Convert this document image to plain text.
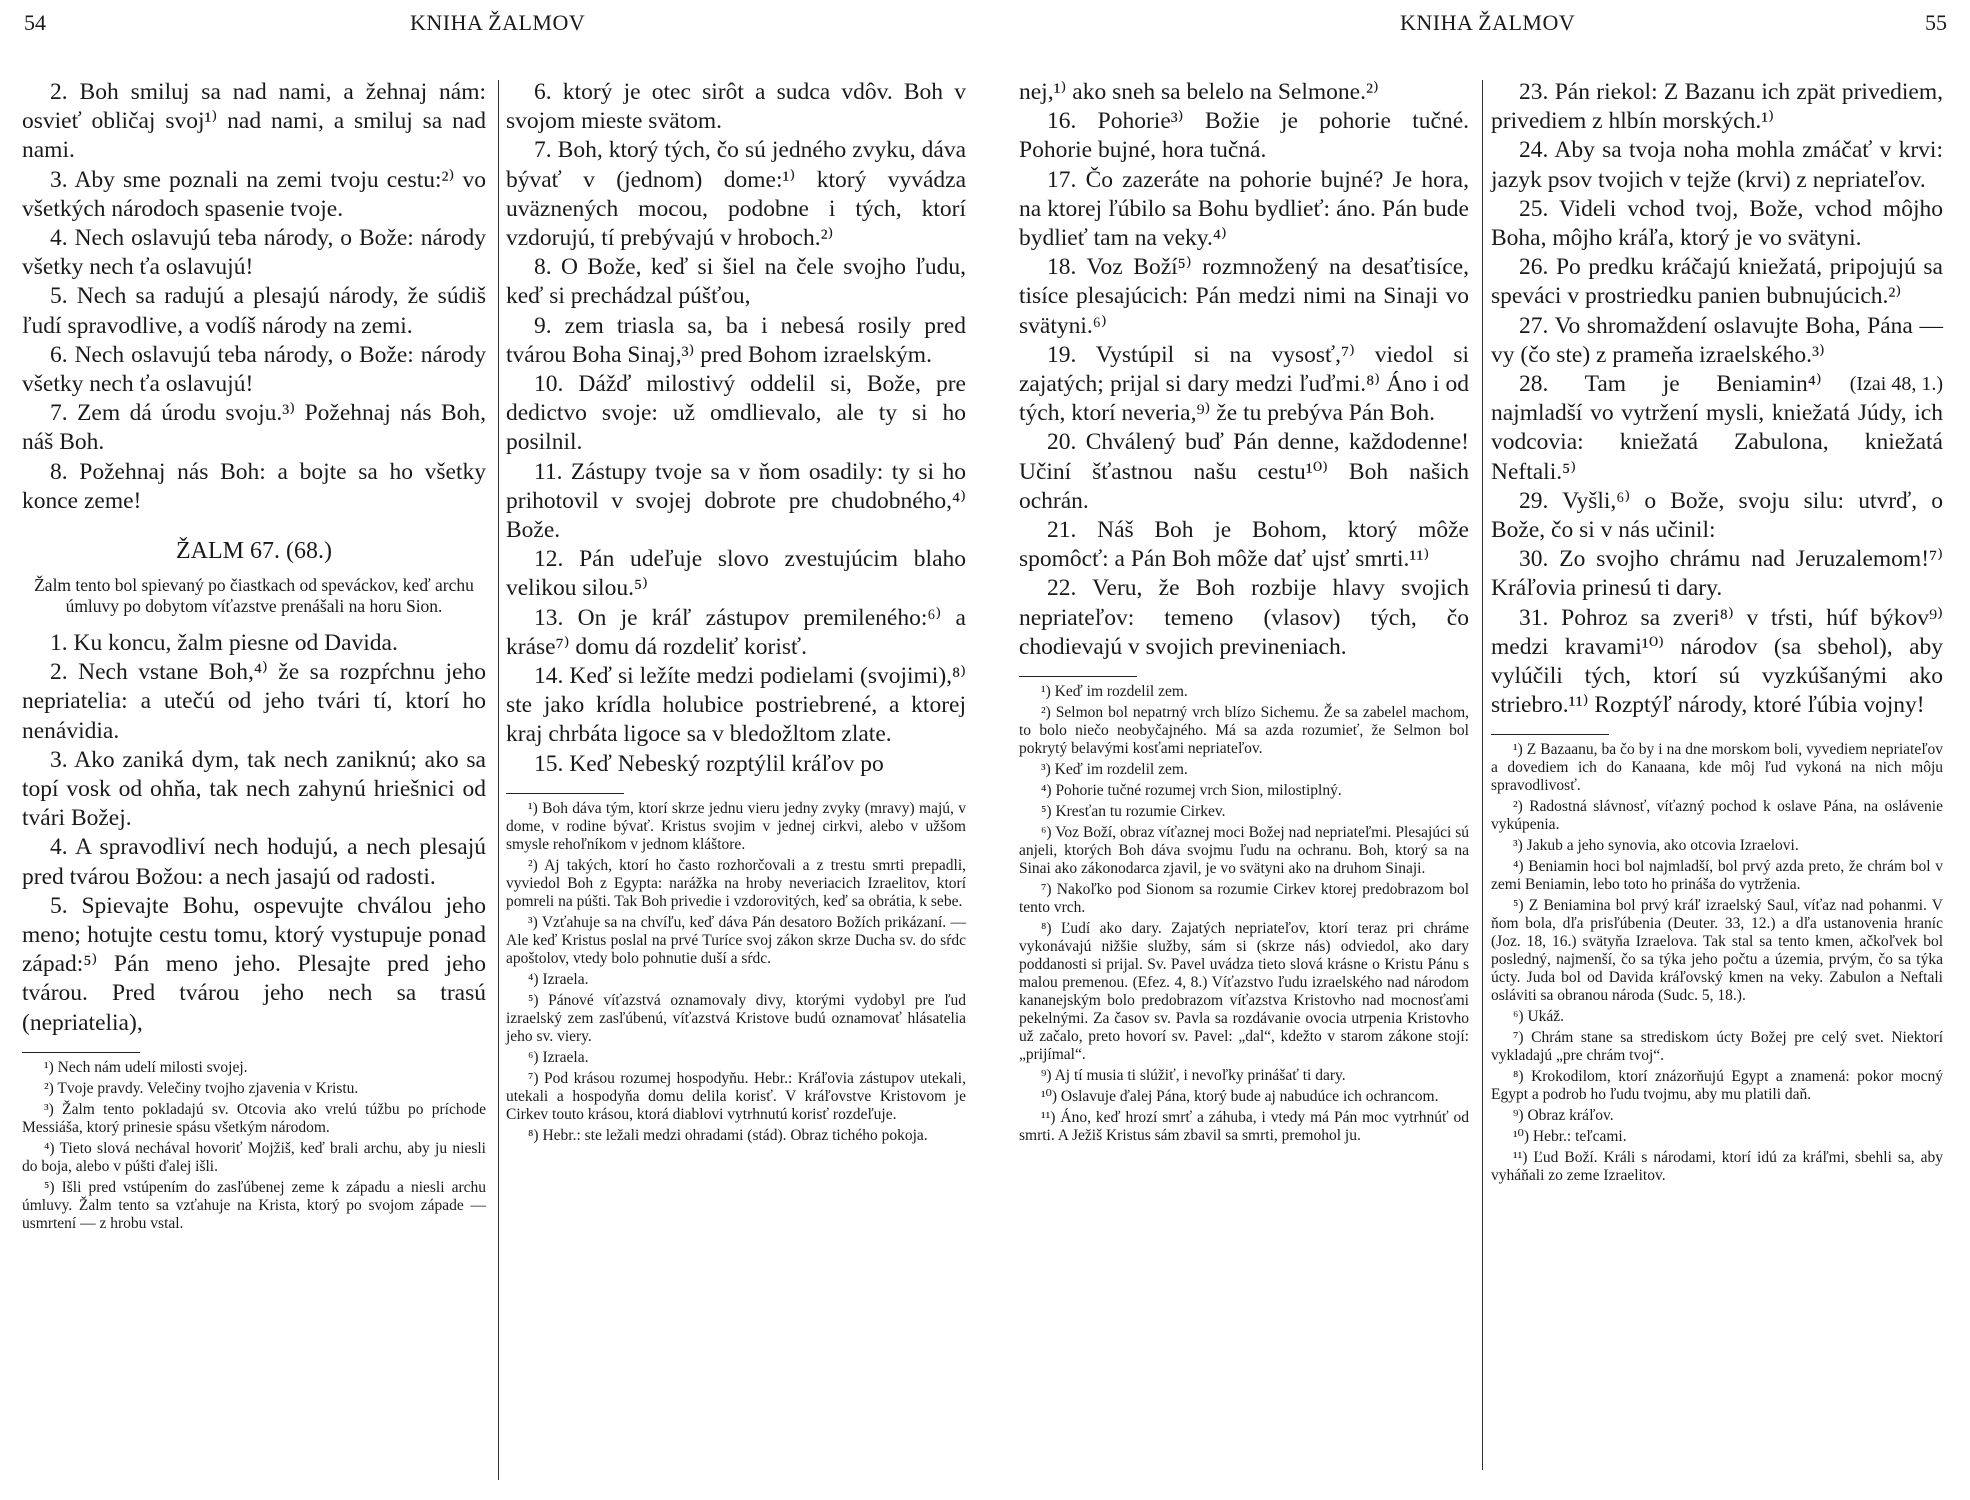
54	KNIHA ŽALMOV

2. Boh smiluj sa nad nami, a žehnaj nám: osvieť obličaj svoj¹⁾ nad nami, a smiluj sa nad nami.

3. Aby sme poznali na zemi tvoju cestu:²⁾ vo všetkých národoch spasenie tvoje.

4. Nech oslavujú teba národy, o Bože: národy všetky nech ťa oslavujú!

5. Nech sa radujú a plesajú národy, že súdiš ľudí spravodlive, a vodíš národy na zemi.

6. Nech oslavujú teba národy, o Bože: národy všetky nech ťa oslavujú!

7. Zem dá úrodu svoju.³⁾ Požehnaj nás Boh, náš Boh.

8. Požehnaj nás Boh: a bojte sa ho všetky konce zeme!

ŽALM 67. (68.)

Žalm tento bol spievaný po čiastkach od speváckov, keď archu úmluvy po dobytom víťazstve prenášali na horu Sion.

1. Ku koncu, žalm piesne od Davida.

2. Nech vstane Boh,⁴⁾ že sa rozpŕchnu jeho nepriatelia: a utečú od jeho tvári tí, ktorí ho nenávidia.

3. Ako zaniká dym, tak nech zaniknú; ako sa topí vosk od ohňa, tak nech zahynú hriešnici od tvári Božej.

4. A spravodliví nech hodujú, a nech plesajú pred tvárou Božou: a nech jasajú od radosti.

5. Spievajte Bohu, ospevujte chválou jeho meno; hotujte cestu tomu, ktorý vystupuje ponad západ:⁵⁾ Pán meno jeho. Plesajte pred jeho tvárou. Pred tvárou jeho nech sa trasú (nepriatelia),

¹) Nech nám udelí milosti svojej.

²) Tvoje pravdy. Velečiny tvojho zjavenia v Kristu.

³) Žalm tento pokladajú sv. Otcovia ako vrelú túžbu po príchode Messiáša, ktorý prinesie spásu všetkým národom.

⁴) Tieto slová nechával hovoriť Mojžiš, keď brali archu, aby ju niesli do boja, alebo v púšti ďalej išli.

⁵) Išli pred vstúpením do zasľúbenej zeme k západu a niesli archu úmluvy. Žalm tento sa vzťahuje na Krista, ktorý po svojom západe — usmrtení — z hrobu vstal.

6. ktorý je otec sirôt a sudca vdôv. Boh v svojom mieste svätom.

7. Boh, ktorý tých, čo sú jedného zvyku, dáva bývať v (jednom) dome:¹⁾ ktorý vyvádza uväznených mocou, podobne i tých, ktorí vzdorujú, tí prebývajú v hroboch.²⁾

8. O Bože, keď si šiel na čele svojho ľudu, keď si prechádzal púšťou,

9. zem triasla sa, ba i nebesá rosily pred tvárou Boha Sinaj,³⁾ pred Bohom izraelským.

10. Dážď milostivý oddelil si, Bože, pre dedictvo svoje: už omdlievalo, ale ty si ho posilnil.

11. Zástupy tvoje sa v ňom osadily: ty si ho prihotovil v svojej dobrote pre chudobného,⁴⁾ Bože.

12. Pán udeľuje slovo zvestujúcim blaho velikou silou.⁵⁾

13. On je kráľ zástupov premilenéhо:⁶⁾ a kráse⁷⁾ domu dá rozdeliť korisť.

14. Keď si ležíte medzi podielami (svojimi),⁸⁾ ste jako krídla holubice postriebrené, a ktorej kraj chrbáta ligoce sa v bledožltom zlate.

15. Keď Nebeský rozptýlil kráľov po

¹) Boh dáva tým, ktorí skrze jednu vieru jedny zvyky (mravy) majú, v dome, v rodine bývať. Kristus svojim v jednej cirkvi, alebo v užšom smysle rehoľníkom v jednom kláštore.

²) Aj takých, ktorí ho často rozhorčovali a z trestu smrti prepadli, vyviedol Boh z Egypta: narážka na hroby neveriacich Izraelitov, ktorí pomreli na púšti. Tak Boh privedie i vzdorovitých, keď sa obrátia, k sebe.

³) Vzťahuje sa na chvíľu, keď dáva Pán desatoro Božích prikázaní. — Ale keď Kristus poslal na prvé Turíce svoj zákon skrze Ducha sv. do sŕdc apoštolov, vtedy bolo pohnutie duší a sŕdc.

⁴) Izraela.

⁵) Pánové víťazstvá oznamovaly divy, ktorými vydobyl pre ľud izraelský zem zasľúbenú, víťazstvá Kristove budú oznamovať hlásatelia jeho sv. viery.

⁶) Izraela.

⁷) Pod krásou rozumej hospodyňu. Hebr.: Kráľovia zástupov utekali, utekali a hospodyňa domu delila korisť. V kráľovstve Kristovom je Cirkev touto krásou, ktorá diablovi vytrhnutú korisť rozdeľuje.

⁸) Hebr.: ste ležali medzi ohradami (stád). Obraz tichého pokoja.

KNIHA ŽALMOV	55

nej,¹⁾ ako sneh sa belelo na Selmone.²⁾

16. Pohorie³⁾ Božie je pohorie tučné. Pohorie bujné, hora tučná.

17. Čo zazeráte na pohorie bujné? Je hora, na ktorej ľúbilo sa Bohu bydlieť: áno. Pán bude bydlieť tam na veky.⁴⁾

18. Voz Boží⁵⁾ rozmnožený na desaťtisíce, tisíce plesajúcich: Pán medzi nimi na Sinaji vo svätyni.⁶⁾

19. Vystúpil si na vysosť,⁷⁾ viedol si zajatých; prijal si dary medzi ľuďmi.⁸⁾ Áno i od tých, ktorí neveria,⁹⁾ že tu prebýva Pán Boh.

20. Chválený buď Pán denne, každodenne! Učiní šťastnou našu cestu¹⁰⁾ Boh našich ochrán.

21. Náš Boh je Bohom, ktorý môže spomôcť: a Pán Boh môže dať ujsť smrti.¹¹⁾

22. Veru, že Boh rozbije hlavy svojich nepriateľov: temeno (vlasov) tých, čo chodievajú v svojich previneniach.

¹) Keď im rozdelil zem.

²) Selmon bol nepatrný vrch blízo Sichemu. Že sa zabelel machom, to bolo niečo neobyčajného. Má sa azda rozumieť, že Selmon bol pokrytý belavými kosťami nepriateľov.

³) Keď im rozdelil zem.

⁴) Pohorie tučné rozumej vrch Sion, milostiplný.

⁵) Kresťan tu rozumie Cirkev.

⁶) Voz Boží, obraz víťaznej moci Božej nad nepriateľmi. Plesajúci sú anjeli, ktorých Boh dáva svojmu ľudu na ochranu. Boh, ktorý sa na Sinai ako zákonodarca zjavil, je vo svätyni ako na druhom Sinaji.

⁷) Nakoľko pod Sionom sa rozumie Cirkev ktorej predobrazom bol tento vrch.

⁸) Ľudí ako dary. Zajatých nepriateľov, ktorí teraz pri chráme vykonávajú nižšie služby, sám si (skrze nás) odviedol, ako dary poddanosti si prijal. Sv. Pavel uvádza tieto slová krásne o Kristu Pánu s malou premenou. (Efez. 4, 8.) Víťazstvo ľudu izraelského nad národom kananejským bolo predobrazom víťazstva Kristovho nad mocnosťami pekelnými. Za časov sv. Pavla sa rozdávanie ovocia utrpenia Kristovho už začalo, preto hovorí sv. Pavel: „dal“, kdežto v starom zákone stojí: „prijímal“.

⁹) Aj tí musia ti slúžiť, i nevoľky prinášať ti dary.

¹⁰) Oslavuje ďalej Pána, ktorý bude aj nabudúce ich ochrancom.

¹¹) Áno, keď hrozí smrť a záhuba, i vtedy má Pán moc vytrhnúť od smrti. A Ježiš Kristus sám zbavil sa smrti, premohol ju.

23. Pán riekol: Z Bazanu ich zpät privediem, privediem z hlbín morských.¹⁾

24. Aby sa tvoja noha mohla zmáčať v krvi: jazyk psov tvojich v tejže (krvi) z nepriateľov.

25. Videli vchod tvoj, Bože, vchod môjho Boha, môjho kráľa, ktorý je vo svätyni.

26. Po predku kráčajú kniežatá, pripojujú sa speváci v prostriedku panien bubnujúcich.²⁾

27. Vo shromaždení oslavujte Boha, Pána — vy (čo ste) z prameňa izraelského.³⁾
(Izai 48, 1.)

28. Tam je Beniamin⁴⁾ najmladší vo vytržení mysli, kniežatá Júdy, ich vodcovia: kniežatá Zabulona, kniežatá Neftali.⁵⁾

29. Vyšli,⁶⁾ o Bože, svoju silu: utvrď, o Bože, čo si v nás učinil:

30. Zo svojho chrámu nad Jeruzalemom!⁷⁾ Kráľovia prinesú ti dary.

31. Pohroz sa zveri⁸⁾ v tŕsti, húf býkov⁹⁾ medzi kravami¹⁰⁾ národov (sa sbehol), aby vylúčili tých, ktorí sú vyzkúšanými ako striebro.¹¹⁾ Rozptýľ národy, ktoré ľúbia vojny!

¹) Z Bazaanu, ba čo by i na dne morskom boli, vyvediem nepriateľov a dovediem ich do Kanaana, kde môj ľud vykoná na nich môju spravodlivosť.

²) Radostná slávnosť, víťazný pochod k oslave Pána, na oslávenie vykúpenia.

³) Jakub a jeho synovia, ako otcovia Izraelovi.

⁴) Beniamin hoci bol najmladší, bol prvý azda preto, že chrám bol v zemi Beniamin, lebo toto ho prináša do vytrženia.

⁵) Z Beniamina bol prvý kráľ izraelský Saul, víťaz nad pohanmi. V ňom bola, dľa prisľúbenia (Deuter. 33, 12.) a dľa ustanovenia hraníc (Joz. 18, 16.) svätyňa Izraelova. Tak stal sa tento kmen, ačkoľvek bol posledný, najmenší, čo sa týka jeho počtu a územia, prvým, čo sa týka úcty. Juda bol od Davida kráľovský kmen na veky. Zabulon a Neftali osláviti sa obranou národa (Sudc. 5, 18.).

⁶) Ukáž.

⁷) Chrám stane sa strediskom úcty Božej pre celý svet. Niektorí vykladajú „pre chrám tvoj“.

⁸) Krokodilom, ktorí znázorňujú Egypt a znamená: pokor mocný Egypt a podrob ho ľudu tvojmu, aby mu platili daň.

⁹) Obraz kráľov.

¹⁰) Hebr.: teľcami.

¹¹) Ľud Boží. Králi s národami, ktorí idú za kráľmi, sbehli sa, aby vyháňali zo zeme Izraelitov.
